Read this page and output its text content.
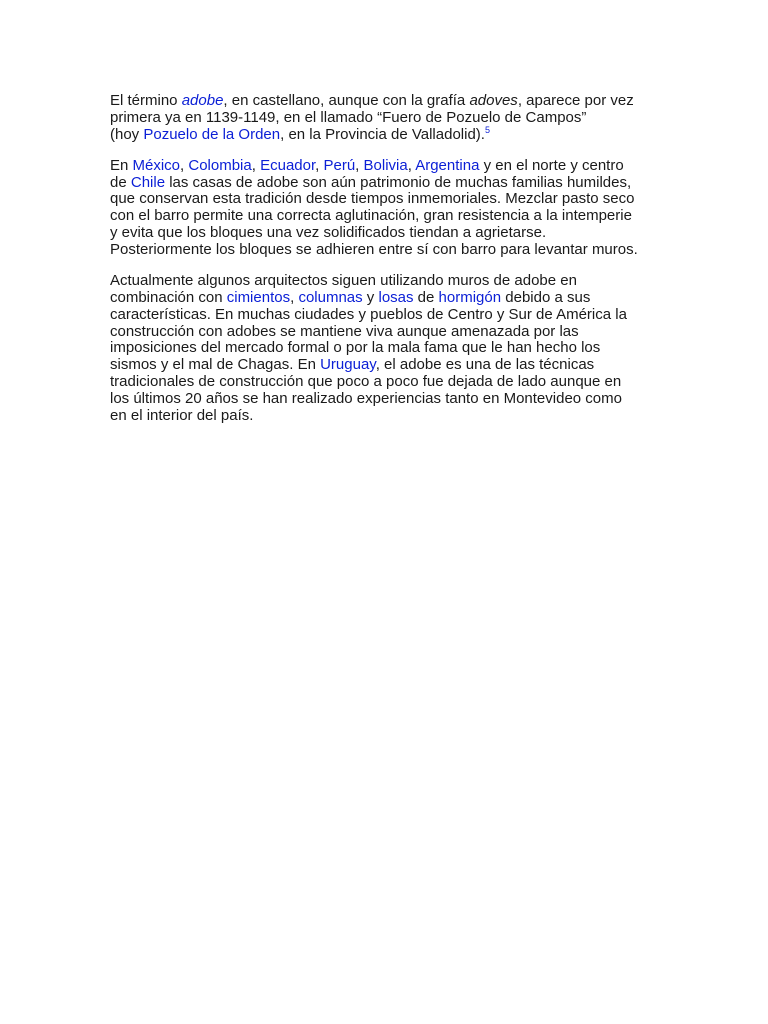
El término adobe, en castellano, aunque con la grafía adoves, aparece por vez
primera ya en 1139-1149, en el llamado “Fuero de Pozuelo de Campos”
(hoy Pozuelo de la Orden, en la Provincia de Valladolid).$^5$

En México, Colombia, Ecuador, Perú, Bolivia, Argentina y en el norte y centro
de Chile las casas de adobe son aún patrimonio de muchas familias humildes,
que conservan esta tradición desde tiempos inmemoriales. Mezclar pasto seco
con el barro permite una correcta aglutinación, gran resistencia a la intemperie
y evita que los bloques una vez solidificados tiendan a agrietarse.
Posteriormente los bloques se adhieren entre sí con barro para levantar muros.

Actualmente algunos arquitectos siguen utilizando muros de adobe en
combinación con cimientos, columnas y losas de hormigón debido a sus
características. En muchas ciudades y pueblos de Centro y Sur de América la
construcción con adobes se mantiene viva aunque amenazada por las
imposiciones del mercado formal o por la mala fama que le han hecho los
sismos y el mal de Chagas. En Uruguay, el adobe es una de las técnicas
tradicionales de construcción que poco a poco fue dejada de lado aunque en
los últimos 20 años se han realizado experiencias tanto en Montevideo como
en el interior del país.
